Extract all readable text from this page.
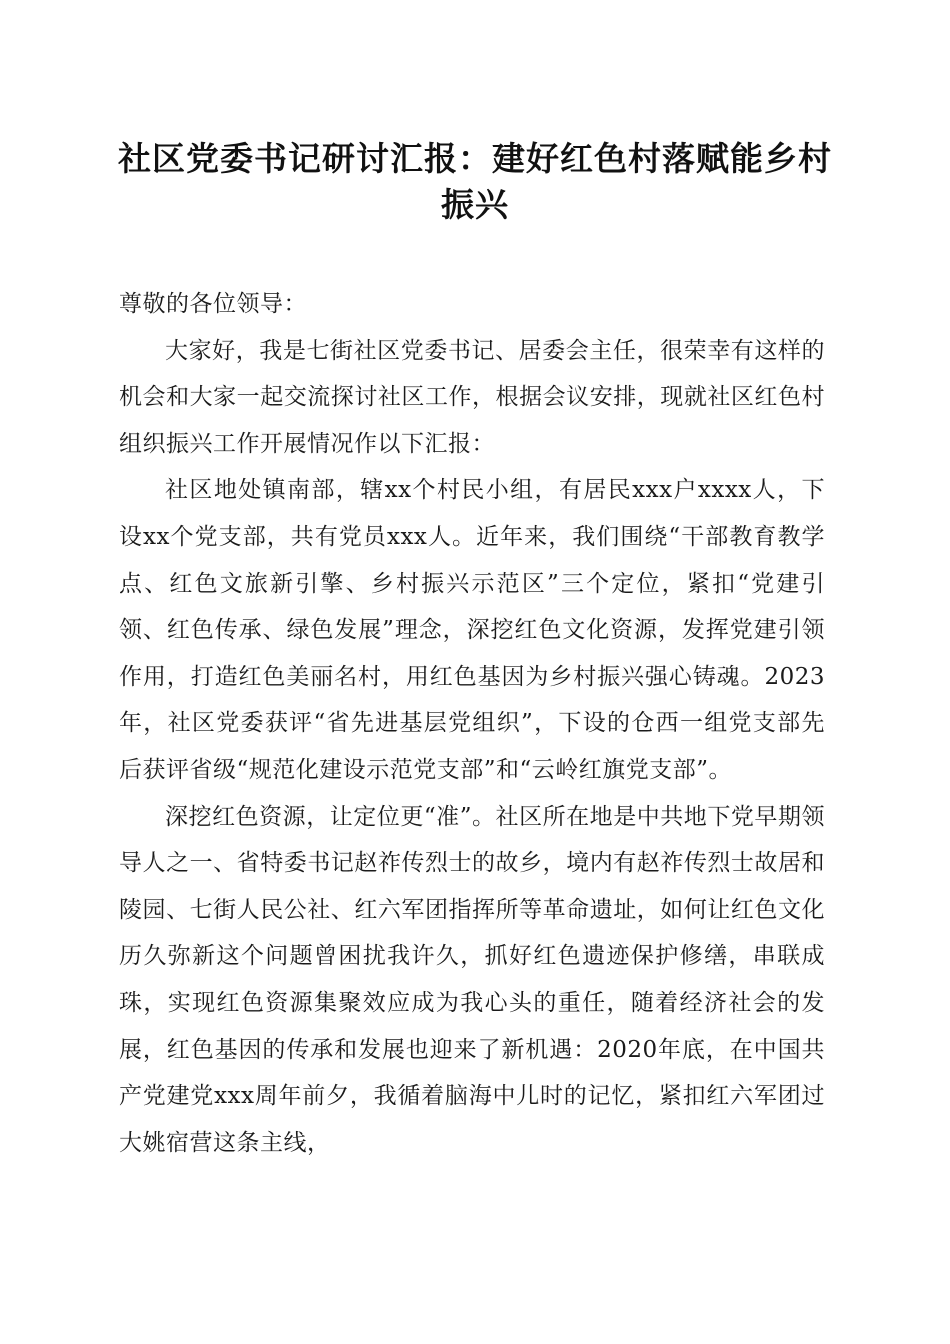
社区党委书记研讨汇报：建好红色村落赋能乡村振兴

尊敬的各位领导：

大家好，我是七街社区党委书记、居委会主任，很荣幸有这样的机会和大家一起交流探讨社区工作，根据会议安排，现就社区红色村组织振兴工作开展情况作以下汇报：

社区地处镇南部，辖xx个村民小组，有居民xxx户xxxx人，下设xx个党支部，共有党员xxx人。近年来，我们围绕“干部教育教学点、红色文旅新引擎、乡村振兴示范区”三个定位，紧扣“党建引领、红色传承、绿色发展”理念，深挖红色文化资源，发挥党建引领作用，打造红色美丽名村，用红色基因为乡村振兴强心铸魂。2023年，社区党委获评“省先进基层党组织”，下设的仓西一组党支部先后获评省级“规范化建设示范党支部”和“云岭红旗党支部”。

深挖红色资源，让定位更“准”。社区所在地是中共地下党早期领导人之一、省特委书记赵祚传烈士的故乡，境内有赵祚传烈士故居和陵园、七街人民公社、红六军团指挥所等革命遗址，如何让红色文化历久弥新这个问题曾困扰我许久，抓好红色遗迹保护修缮，串联成珠，实现红色资源集聚效应成为我心头的重任，随着经济社会的发展，红色基因的传承和发展也迎来了新机遇：2020年底，在中国共产党建党xxx周年前夕，我循着脑海中儿时的记忆，紧扣红六军团过大姚宿营这条主线，
